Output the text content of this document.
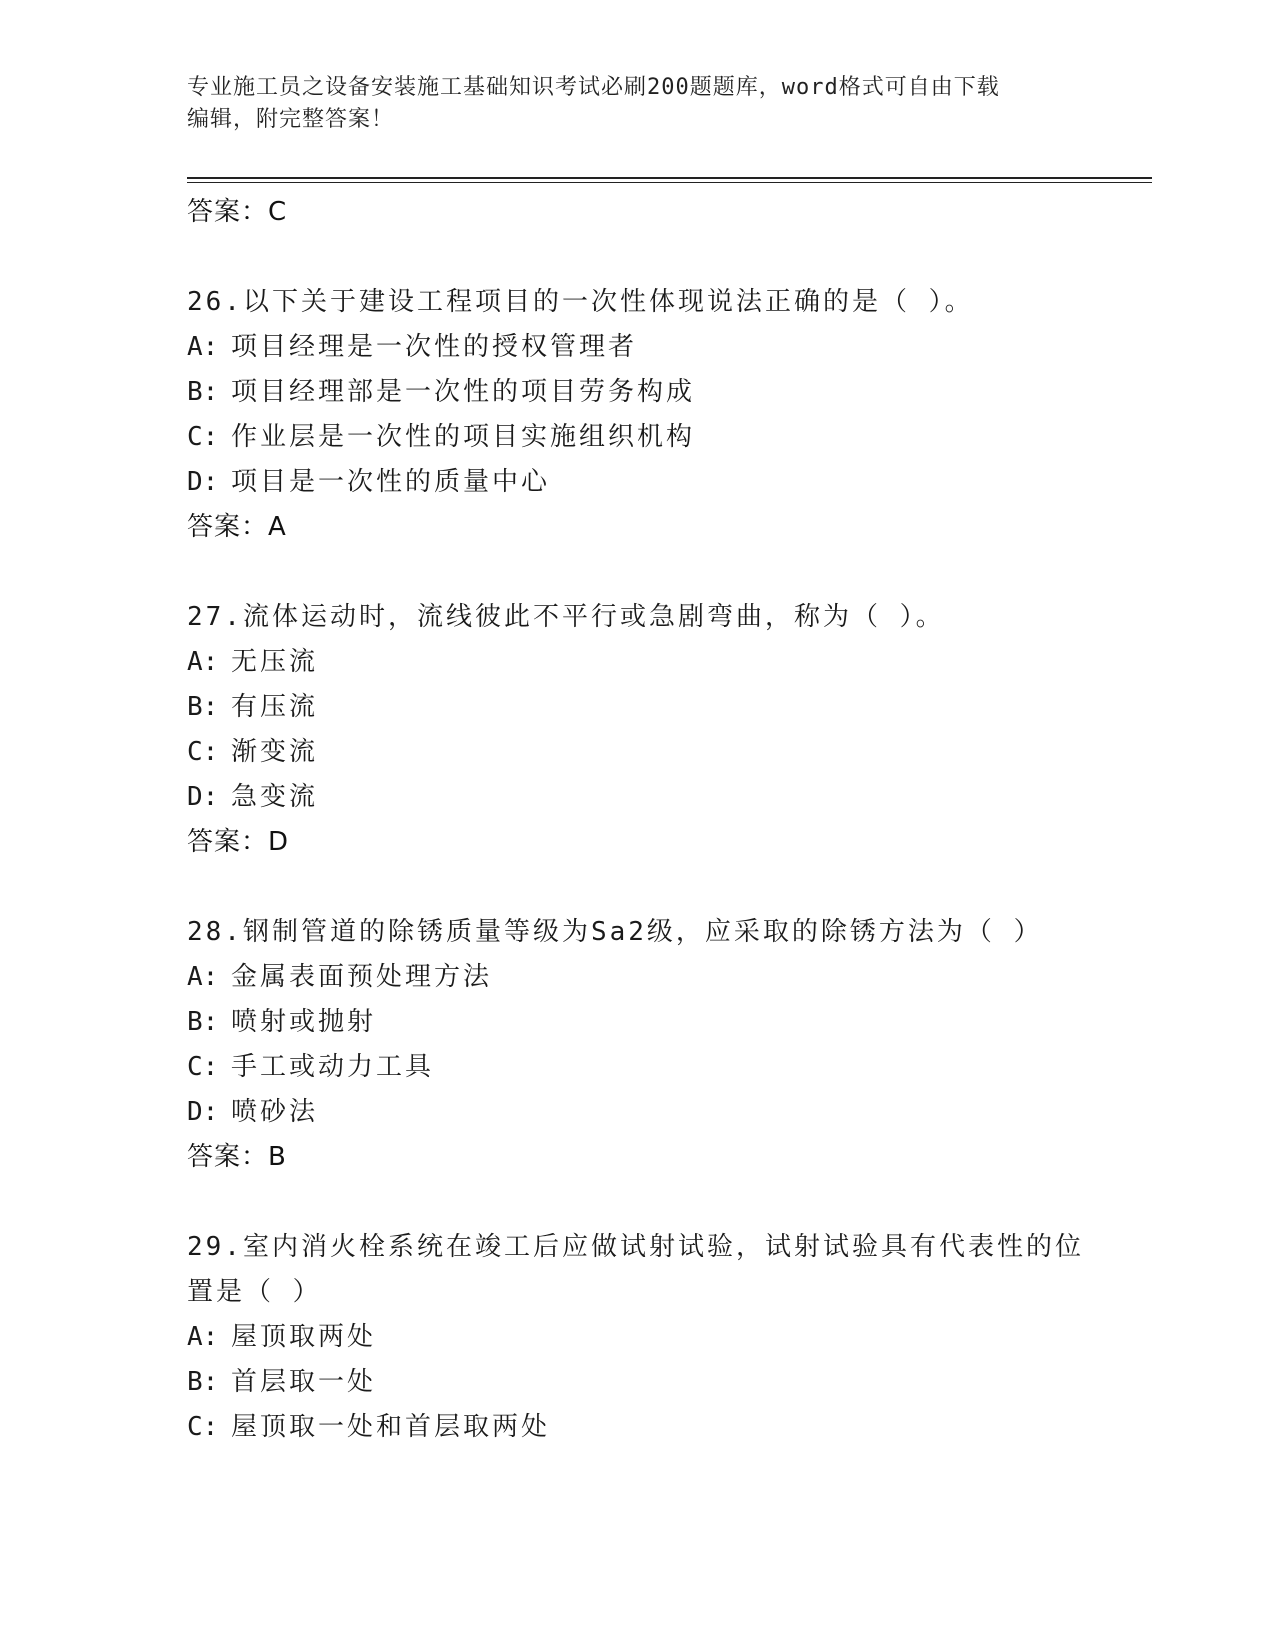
专业施工员之设备安装施工基础知识考试必刷200题题库，word格式可自由下载
编辑，附完整答案！
答案：C
26.以下关于建设工程项目的一次性体现说法正确的是（ ）。
A: 项目经理是一次性的授权管理者
B: 项目经理部是一次性的项目劳务构成
C: 作业层是一次性的项目实施组织机构
D: 项目是一次性的质量中心
答案：A
27.流体运动时，流线彼此不平行或急剧弯曲，称为（ ）。
A: 无压流
B: 有压流
C: 渐变流
D: 急变流
答案：D
28.钢制管道的除锈质量等级为Sa2级，应采取的除锈方法为（ ）
A: 金属表面预处理方法
B: 喷射或抛射
C: 手工或动力工具
D: 喷砂法
答案：B
29.室内消火栓系统在竣工后应做试射试验，试射试验具有代表性的位
置是（ ）
A: 屋顶取两处
B: 首层取一处
C: 屋顶取一处和首层取两处
